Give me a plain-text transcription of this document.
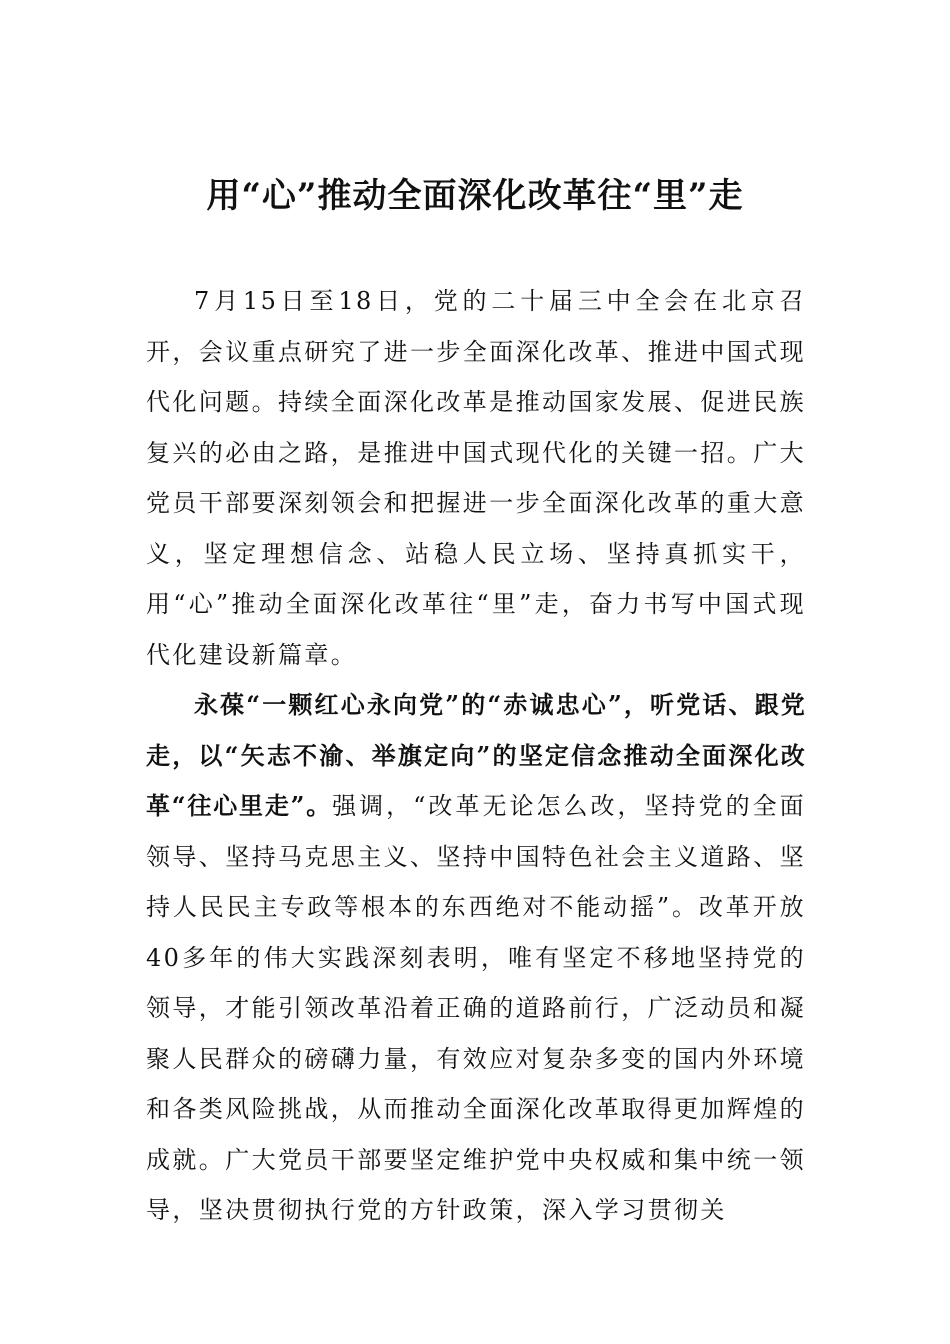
用“心”推动全面深化改革往“里”走

7月15日至18日，党的二十届三中全会在北京召开，会议重点研究了进一步全面深化改革、推进中国式现代化问题。持续全面深化改革是推动国家发展、促进民族复兴的必由之路，是推进中国式现代化的关键一招。广大党员干部要深刻领会和把握进一步全面深化改革的重大意义，坚定理想信念、站稳人民立场、坚持真抓实干，用“心”推动全面深化改革往“里”走，奋力书写中国式现代化建设新篇章。

永葆“一颗红心永向党”的“赤诚忠心”，听党话、跟党走，以“矢志不渝、举旗定向”的坚定信念推动全面深化改革“往心里走”。强调，“改革无论怎么改，坚持党的全面领导、坚持马克思主义、坚持中国特色社会主义道路、坚持人民民主专政等根本的东西绝对不能动摇”。改革开放40多年的伟大实践深刻表明，唯有坚定不移地坚持党的领导，才能引领改革沿着正确的道路前行，广泛动员和凝聚人民群众的磅礴力量，有效应对复杂多变的国内外环境和各类风险挑战，从而推动全面深化改革取得更加辉煌的成就。广大党员干部要坚定维护党中央权威和集中统一领导，坚决贯彻执行党的方针政策，深入学习贯彻关
